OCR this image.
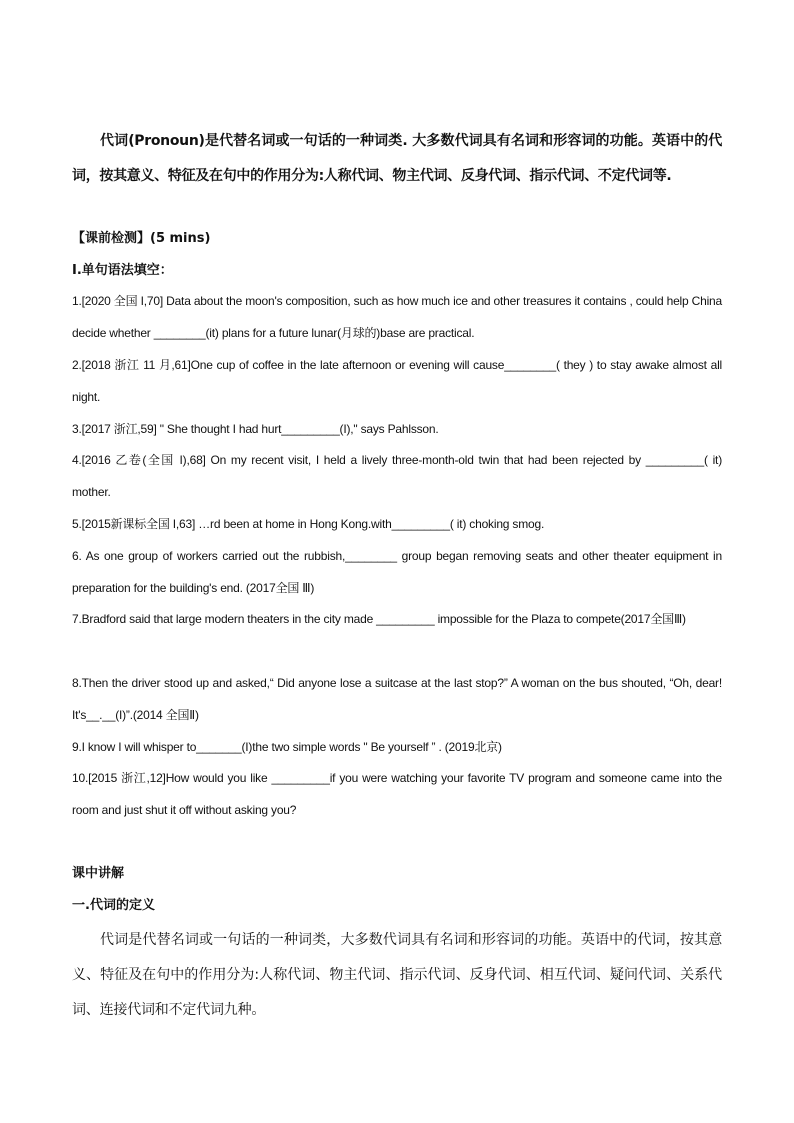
代词(Pronoun)是代替名词或一句话的一种词类. 大多数代词具有名词和形容词的功能。英语中的代词，按其意义、特征及在句中的作用分为:人称代词、物主代词、反身代词、指示代词、不定代词等.

【课前检测】(5 mins)
I.单句语法填空：

1.[2020 全国 I,70] Data about the moon's composition, such as how much ice and other treasures it contains , could help China decide whether ________(it) plans for a future lunar(月球的)base are practical.

2.[2018 浙江 11 月,61]One cup of coffee in the late afternoon or evening will cause________( they ) to stay awake almost all night.

3.[2017 浙江,59] " She thought I had hurt_________(I)," says Pahlsson.

4.[2016 乙卷(全国 I),68] On my recent visit, I held a lively three-month-old twin that had been rejected by _________( it) mother.

5.[2015新课标全国 I,63] …rd been at home in Hong Kong.with_________( it) choking smog.

6. As one group of workers carried out the rubbish,________ group began removing seats and other theater equipment in preparation for the building's end. (2017全国 Ⅲ)

7.Bradford said that large modern theaters in the city made _________ impossible for the Plaza to compete(2017全国Ⅲ)

8.Then the driver stood up and asked,“ Did anyone lose a suitcase at the last stop?” A woman on the bus shouted, “Oh, dear! It's__.__(I)”.(2014 全国Ⅱ)

9.I know I will whisper to_______(I)the two simple words " Be yourself ” . (2019北京)

10.[2015 浙江,12]How would you like _________if you were watching your favorite TV program and someone came into the room and just shut it off without asking you?

课中讲解
一.代词的定义

代词是代替名词或一句话的一种词类，大多数代词具有名词和形容词的功能。英语中的代词，按其意义、特征及在句中的作用分为:人称代词、物主代词、指示代词、反身代词、相互代词、疑问代词、关系代词、连接代词和不定代词九种。
